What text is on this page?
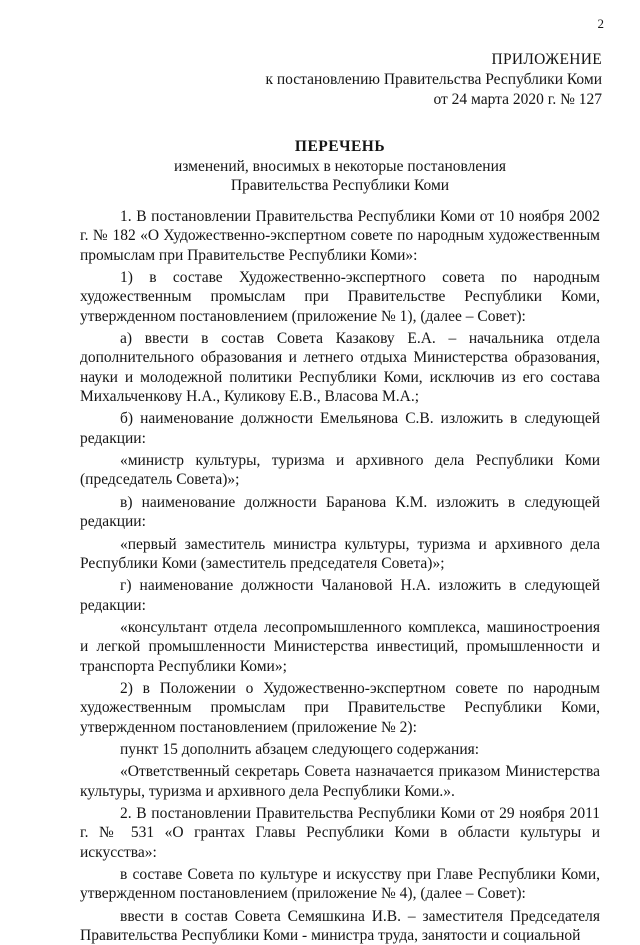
2
ПРИЛОЖЕНИЕ
к постановлению Правительства Республики Коми
от 24 марта 2020 г. № 127
ПЕРЕЧЕНЬ
изменений, вносимых в некоторые постановления
Правительства Республики Коми

1. В постановлении Правительства Республики Коми от 10 ноября 2002 г. № 182 «О Художественно-экспертном совете по народным художественным промыслам при Правительстве Республики Коми»:

1) в составе Художественно-экспертного совета по народным художественным промыслам при Правительстве Республики Коми, утвержденном постановлением (приложение № 1), (далее – Совет):

а) ввести в состав Совета Казакову Е.А. – начальника отдела дополнительного образования и летнего отдыха Министерства образования, науки и молодежной политики Республики Коми, исключив из его состава Михальченкову Н.А., Куликову Е.В., Власова М.А.;

б) наименование должности Емельянова С.В. изложить в следующей редакции:

«министр культуры, туризма и архивного дела Республики Коми (председатель Совета)»;

в) наименование должности Баранова К.М. изложить в следующей редакции:

«первый заместитель министра культуры, туризма и архивного дела Республики Коми (заместитель председателя Совета)»;

г) наименование должности Чалановой Н.А. изложить в следующей редакции:

«консультант отдела лесопромышленного комплекса, машиностроения и легкой промышленности Министерства инвестиций, промышленности и транспорта Республики Коми»;

2) в Положении о Художественно-экспертном совете по народным художественным промыслам при Правительстве Республики Коми, утвержденном постановлением (приложение № 2):

пункт 15 дополнить абзацем следующего содержания:

«Ответственный секретарь Совета назначается приказом Министерства культуры, туризма и архивного дела Республики Коми.».

2. В постановлении Правительства Республики Коми от 29 ноября 2011 г. № 531 «О грантах Главы Республики Коми в области культуры и искусства»:

в составе Совета по культуре и искусству при Главе Республики Коми, утвержденном постановлением (приложение № 4), (далее – Совет):

ввести в состав Совета Семяшкина И.В. – заместителя Председателя Правительства Республики Коми - министра труда, занятости и социальной
